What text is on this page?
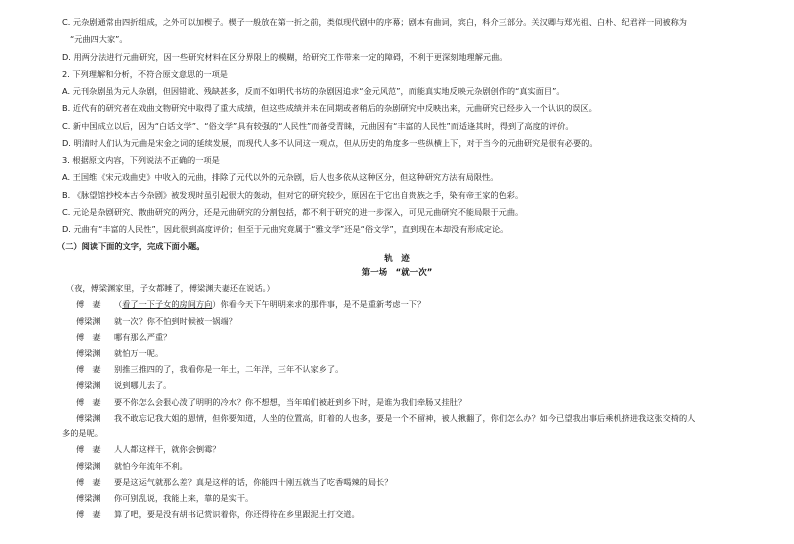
C. 元杂剧通常由四折组成，之外可以加楔子。楔子一般放在第一折之前，类似现代剧中的序幕；剧本有曲词，宾白，科介三部分。关汉卿与郑光祖、白朴、纪君祥一同被称为
“元曲四大家”。
D. 用两分法进行元曲研究，因一些研究材料在区分界限上的模糊，给研究工作带来一定的障碍，不利于更深刻地理解元曲。
2. 下列理解和分析，不符合原文意思的一项是
A. 元刊杂剧虽为元人杂剧，但因错讹、残缺甚多，反而不如明代书坊的杂剧因追求“金元风范”，而能真实地反映元杂剧创作的“真实面目”。
B. 近代有的研究者在戏曲文物研究中取得了重大成绩，但这些成绩并未在同期或者稍后的杂剧研究中反映出来，元曲研究已经步入一个认识的误区。
C. 新中国成立以后，因为“白话文学”、“俗文学”具有较强的“人民性”而备受青睐，元曲因有“丰富的人民性”而适逢其时，得到了高度的评价。
D. 明清时人们认为元曲是宋金之词的延续发展，而现代人多不认同这一观点，但从历史的角度多一些纵横上下，对于当今的元曲研究是很有必要的。
3. 根据原文内容，下列说法不正确的一项是
A. 王国维《宋元戏曲史》中收入的元曲，排除了元代以外的元杂剧，后人也多依从这种区分，但这种研究方法有局限性。
B. 《脉望馆抄校本古今杂剧》被发现时虽引起很大的轰动，但对它的研究较少，原因在于它出自贵族之手，染有帝王家的色彩。
C. 元论是杂剧研究、散曲研究的两分，还是元曲研究的分割包括，都不利于研究的进一步深入，可见元曲研究不能局限于元曲。
D. 元曲有“丰富的人民性”，因此很到高度评价；但至于元曲究竟属于“雅文学”还是“俗文学”，直到现在本却没有形成定论。
（二）阅读下面的文字，完成下面小题。
轨　迹
第一场　“就一次”
（夜，傅梁渊家里，子女都睡了，傅梁渊夫妻还在说话。）
傅　妻 （看了一下子女的房间方向）你看今天下午明明来求的那件事，是不是重新考虑一下？
傅梁渊 就一次？你不怕到时候被一锅端？
傅　妻 哪有那么严重？
傅梁渊 就怕万一呢。
傅　妻 别推三推四的了，我看你是一年土，二年洋，三年不认家乡了。
傅梁渊 说到哪儿去了。
傅　妻 要不你怎么会狠心泼了明明的冷水？你不想想，当年咱们被赶到乡下时，是谁为我们牵肠又挂肚？
傅梁渊 我不敢忘记我大姐的恩情，但你要知道，人坐的位置高，盯着的人也多，要是一个不留神，被人揪翻了，你们怎么办？如今已望我出事后乘机挤进我这张交椅的人
多的是呢。
傅　妻 人人都这样干，就你会倒霉？
傅梁渊 就怕今年流年不利。
傅　妻 要是这运气就那么差？真是这样的话，你能四十刚五就当了吃香喝辣的局长？
傅梁渊 你可别乱说，我能上来，靠的是实干。
傅　妻 算了吧，要是没有胡书记赏识着你，你还得待在乡里跟泥土打交道。
